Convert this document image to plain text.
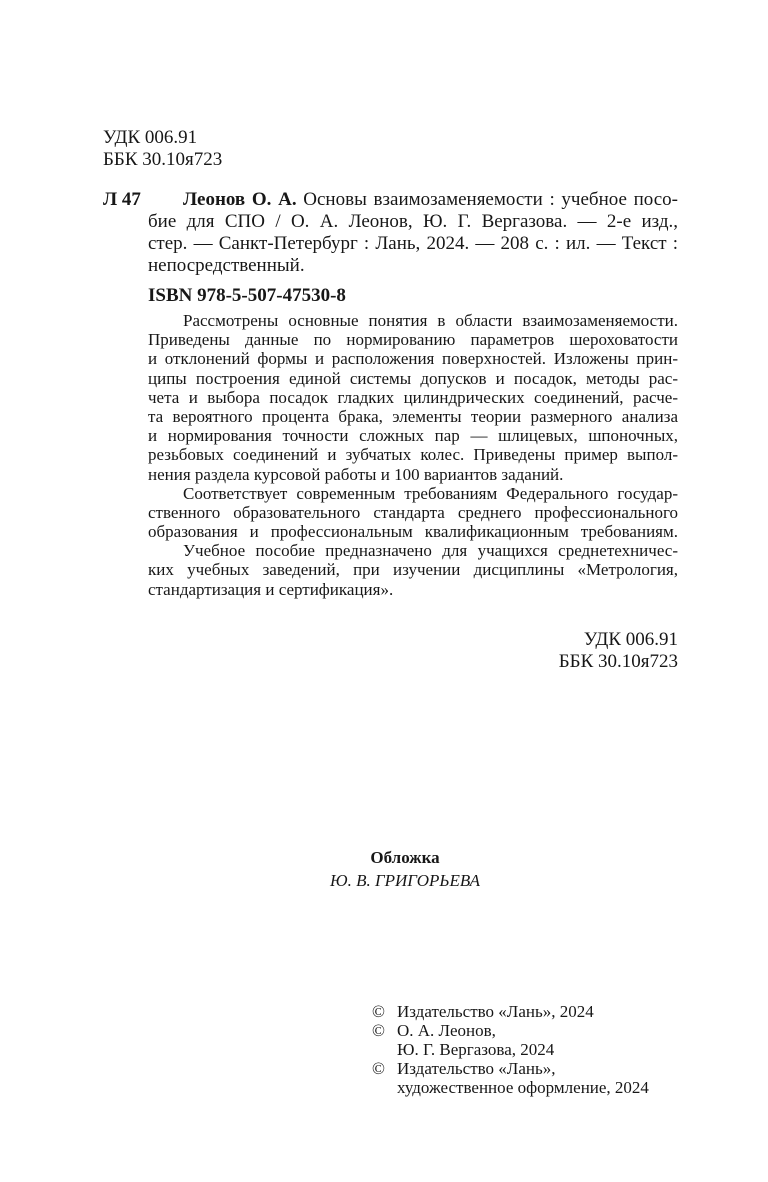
УДК 006.91
ББК 30.10я723
Л 47 Леонов О. А. Основы взаимозаменяемости : учебное посо-
бие для СПО / О. А. Леонов, Ю. Г. Вергазова. — 2-е изд.,
стер. — Санкт-Петербург : Лань, 2024. — 208 с. : ил. — Текст :
непосредственный.
ISBN 978-5-507-47530-8
Рассмотрены основные понятия в области взаимозаменяемости.
Приведены данные по нормированию параметров шероховатости
и отклонений формы и расположения поверхностей. Изложены прин-
ципы построения единой системы допусков и посадок, методы рас-
чета и выбора посадок гладких цилиндрических соединений, расче-
та вероятного процента брака, элементы теории размерного анализа
и нормирования точности сложных пар — шлицевых, шпоночных,
резьбовых соединений и зубчатых колес. Приведены пример выпол-
нения раздела курсовой работы и 100 вариантов заданий.
Соответствует современным требованиям Федерального государ-
ственного образовательного стандарта среднего профессионального
образования и профессиональным квалификационным требованиям.
Учебное пособие предназначено для учащихся среднетехничес-
ких учебных заведений, при изучении дисциплины «Метрология,
стандартизация и сертификация».
УДК 006.91
ББК 30.10я723
Обложка
Ю. В. ГРИГОРЬЕВА
© Издательство «Лань», 2024
© О. А. Леонов,
Ю. Г. Вергазова, 2024
© Издательство «Лань»,
художественное оформление, 2024
